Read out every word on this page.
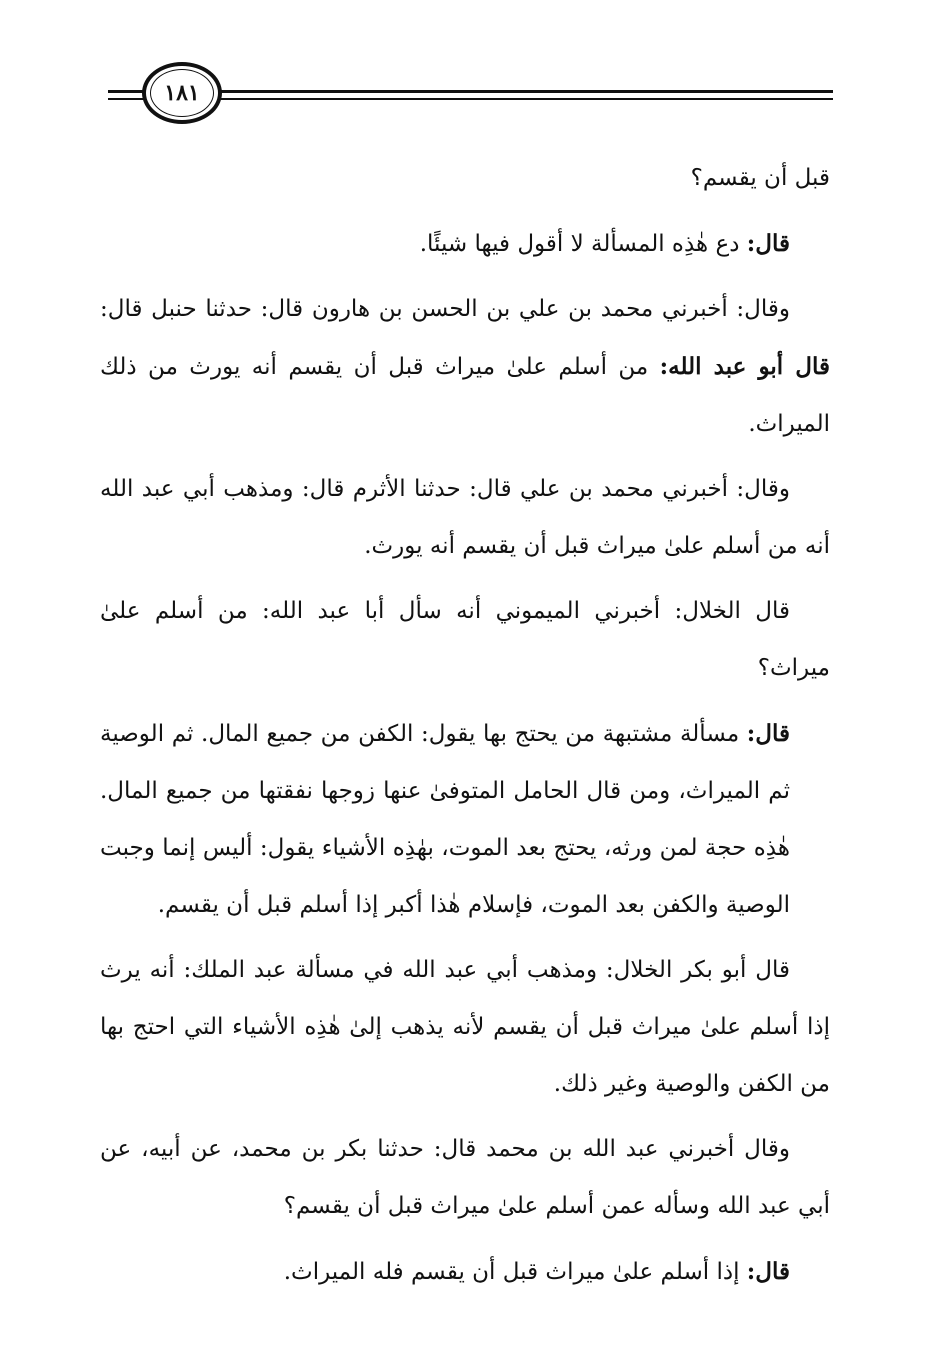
١٨١

قبل أن يقسم؟

قال: دع هٰذِه المسألة لا أقول فيها شيئًا.

وقال: أخبرني محمد بن علي بن الحسن بن هارون قال: حدثنا حنبل قال: قال أبو عبد الله: من أسلم علىٰ ميراث قبل أن يقسم أنه يورث من ذلك الميراث.

وقال: أخبرني محمد بن علي قال: حدثنا الأثرم قال: ومذهب أبي عبد الله أنه من أسلم علىٰ ميراث قبل أن يقسم أنه يورث.

قال الخلال: أخبرني الميموني أنه سأل أبا عبد الله: من أسلم علىٰ ميراث؟

قال: مسألة مشتبهة من يحتج بها يقول: الكفن من جميع المال. ثم الوصية ثم الميراث، ومن قال الحامل المتوفىٰ عنها زوجها نفقتها من جميع المال. هٰذِه حجة لمن ورثه، يحتج بعد الموت، بهٰذِه الأشياء يقول: أليس إنما وجبت الوصية والكفن بعد الموت، فإسلام هٰذا أكبر إذا أسلم قبل أن يقسم.

قال أبو بكر الخلال: ومذهب أبي عبد الله في مسألة عبد الملك: أنه يرث إذا أسلم علىٰ ميراث قبل أن يقسم لأنه يذهب إلىٰ هٰذِه الأشياء التي احتج بها من الكفن والوصية وغير ذلك.

وقال أخبرني عبد الله بن محمد قال: حدثنا بكر بن محمد، عن أبيه، عن أبي عبد الله وسأله عمن أسلم علىٰ ميراث قبل أن يقسم؟

قال: إذا أسلم علىٰ ميراث قبل أن يقسم فله الميراث.
